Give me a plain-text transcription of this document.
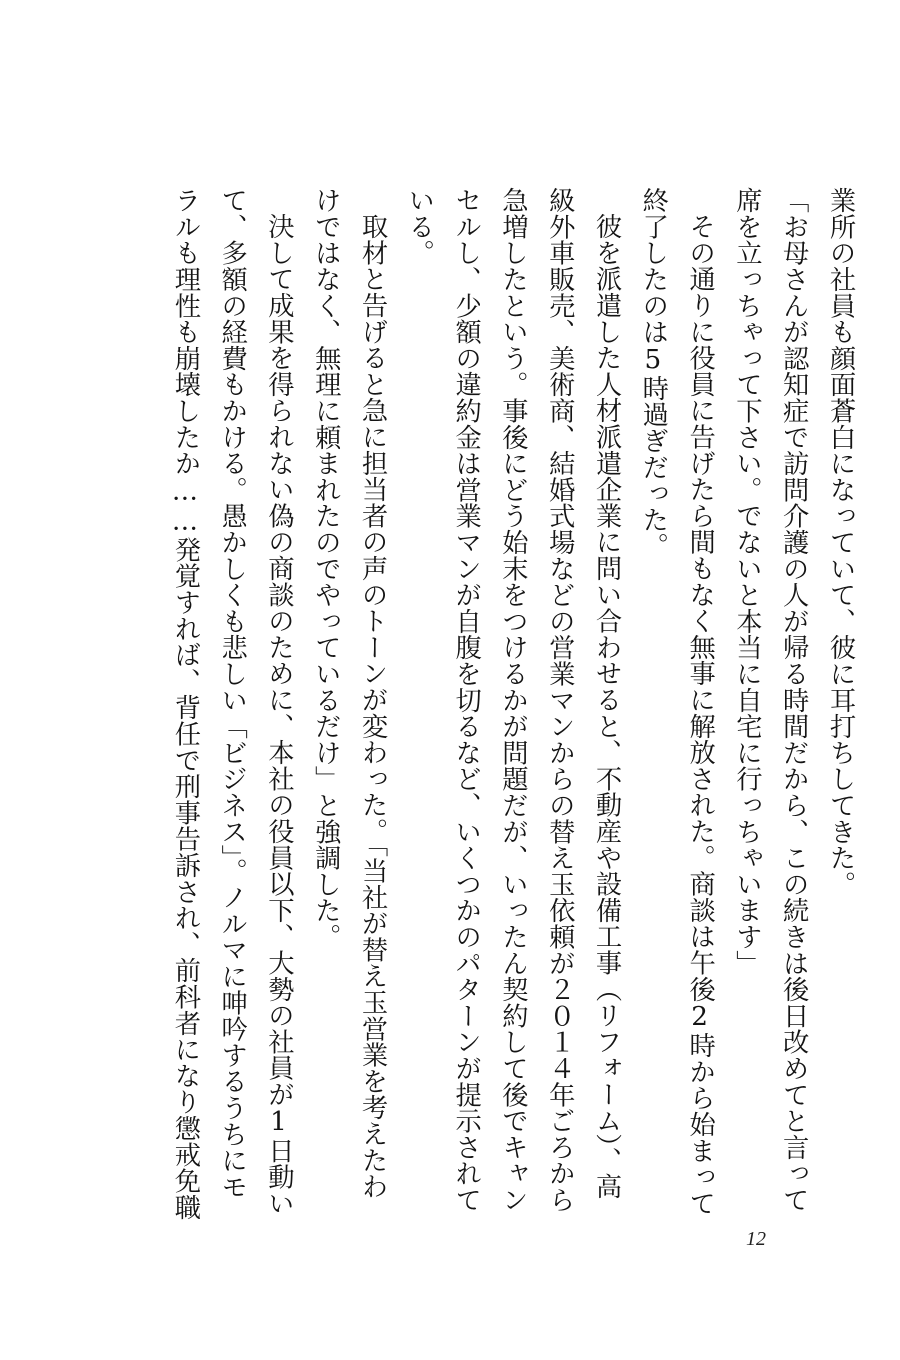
業所の社員も顔面蒼白になっていて、彼に耳打ちしてきた。
「お母さんが認知症で訪問介護の人が帰る時間だから、この続きは後日改めてと言って
席を立っちゃって下さい。でないと本当に自宅に行っちゃいます」
その通りに役員に告げたら間もなく無事に解放された。商談は午後2時から始まって
終了したのは5時過ぎだった。
彼を派遣した人材派遣企業に問い合わせると、不動産や設備工事（リフォーム）、高
級外車販売、美術商、結婚式場などの営業マンからの替え玉依頼が２０１４年ごろから
急増したという。事後にどう始末をつけるかが問題だが、いったん契約して後でキャン
セルし、少額の違約金は営業マンが自腹を切るなど、いくつかのパターンが提示されて
いる。
取材と告げると急に担当者の声のトーンが変わった。「当社が替え玉営業を考えたわ
けではなく、無理に頼まれたのでやっているだけ」と強調した。
決して成果を得られない偽の商談のために、本社の役員以下、大勢の社員が1日動い
て、多額の経費もかける。愚かしくも悲しい「ビジネス」。ノルマに呻吟するうちにモ
ラルも理性も崩壊したか……発覚すれば、背任で刑事告訴され、前科者になり懲戒免職
12
